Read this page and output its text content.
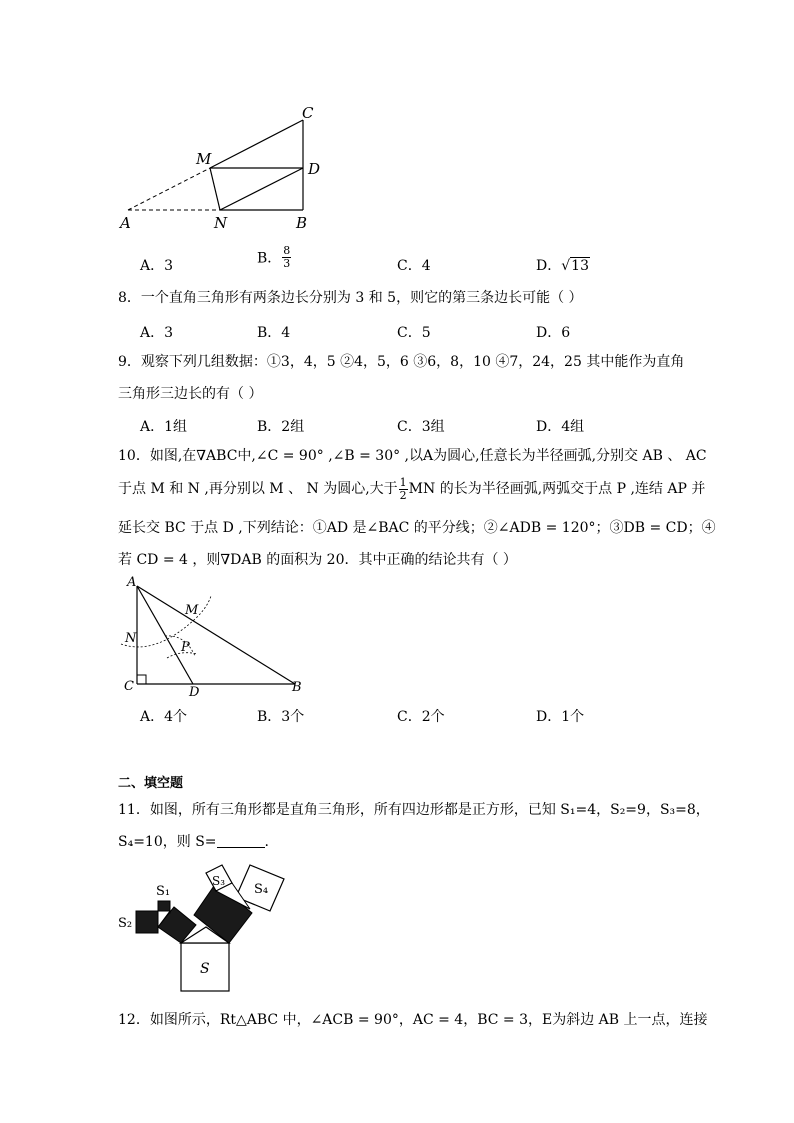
C
M
D
A	N	B
A．3	B． $\frac{8}{3}$	C．4	D．√13
8．一个直角三角形有两条边长分别为 3 和 5，则它的第三条边长可能（ ）
A．3	B．4	C．5	D．6
9．观察下列几组数据：①3，4，5 ②4，5，6 ③6，8，10 ④7，24，25 其中能作为直角
三角形三边长的有（ ）
A．1组	B．2组	C．3组	D．4组
10．如图,在∇ABC中,∠C = 90° ,∠B = 30° ,以A为圆心,任意长为半径画弧,分别交 AB 、 AC
于点 M 和 N ,再分别以 M 、 N 为圆心,大于 $\frac{1}{2}$ MN 的长为半径画弧,两弧交于点 P ,连结 AP 并
延长交 BC 于点 D ,下列结论：①AD 是∠BAC 的平分线；②∠ADB = 120°；③DB = CD；④
若 CD = 4 ，则∇DAB 的面积为 20．其中正确的结论共有（ ）
A
M
N
P
C	D	B
A．4个	B．3个	C．2个	D．1个
二、填空题
11．如图，所有三角形都是直角三角形，所有四边形都是正方形，已知 S₁=4，S₂=9，S₃=8，
S₄=10，则 S=	.
S₁
S₂
S₃
S₄
S
12．如图所示，Rt△ABC 中，∠ACB = 90°，AC = 4，BC = 3，E为斜边 AB 上一点，连接
